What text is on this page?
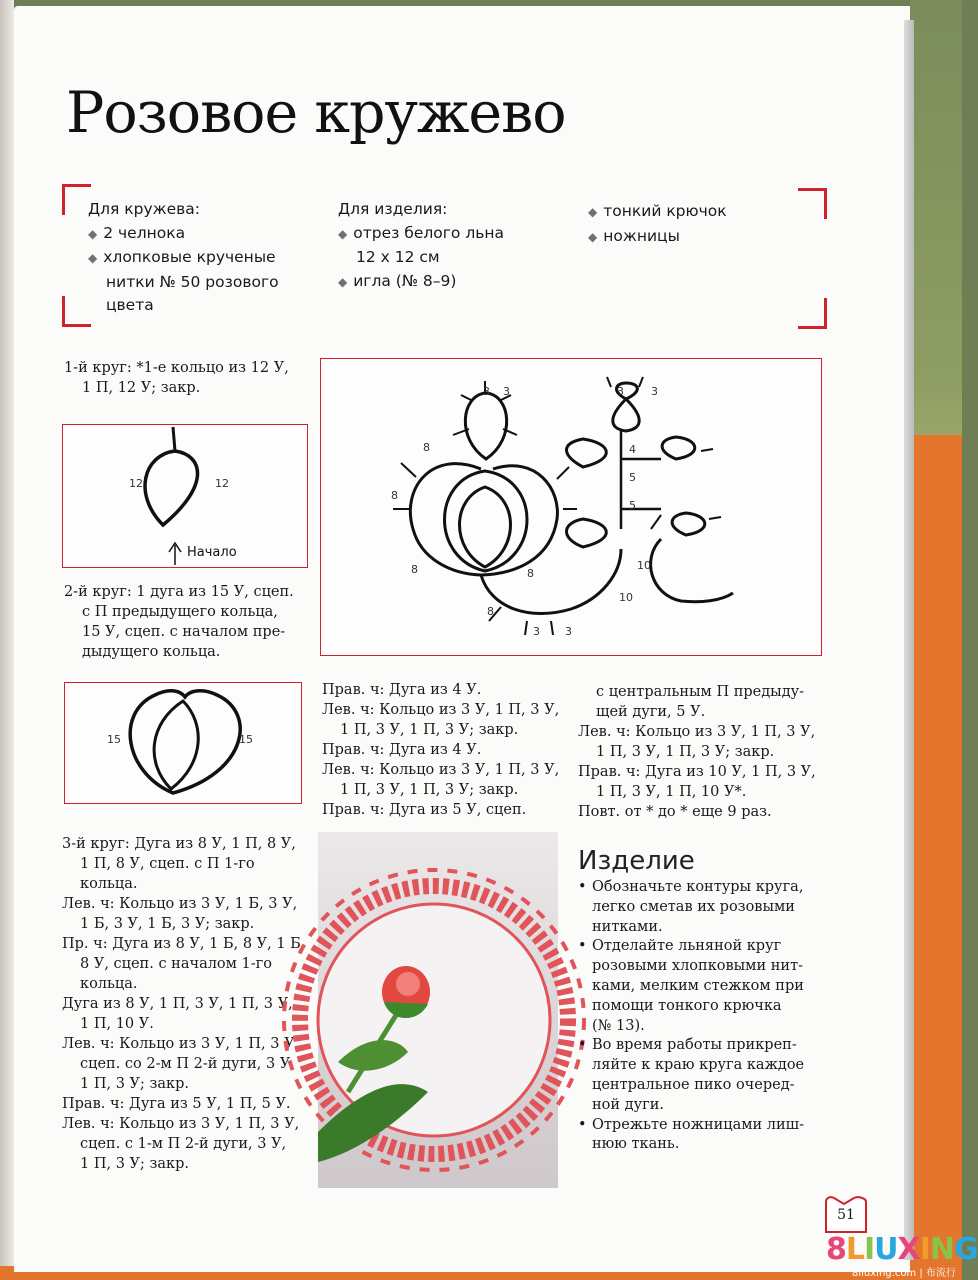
Розовое кружево
Для кружева:
◆ 2 челнока
◆ хлопковые крученые
нитки № 50 розового
цвета
Для изделия:
◆ отрез белого льна
12 х 12 см
◆ игла (№ 8–9)
◆ тонкий крючок
◆ ножницы
1-й круг: *1-е кольцо из 12 У,
1 П, 12 У; закр.
12	12
Начало
2-й круг: 1 дуга из 15 У, сцеп.
с П предыдущего кольца,
15 У, сцеп. с началом пре-
дыдущего кольца.
15	15
3-й круг: Дуга из 8 У, 1 П, 8 У,
1 П, 8 У, сцеп. с П 1-го
кольца.
Лев. ч: Кольцо из 3 У, 1 Б, 3 У,
1 Б, 3 У, 1 Б, 3 У; закр.
Пр. ч: Дуга из 8 У, 1 Б, 8 У, 1 Б,
8 У, сцеп. с началом 1-го
кольца.
Дуга из 8 У, 1 П, 3 У, 1 П, 3 У,
1 П, 10 У.
Лев. ч: Кольцо из 3 У, 1 П, 3 У,
сцеп. со 2-м П 2-й дуги, 3 У,
1 П, 3 У; закр.
Прав. ч: Дуга из 5 У, 1 П, 5 У.
Лев. ч: Кольцо из 3 У, 1 П, 3 У,
сцеп. с 1-м П 2-й дуги, 3 У,
1 П, 3 У; закр.
3 3
8
8
8
8
8
3 3
4
5
5
10
10
3 3
Прав. ч: Дуга из 4 У.
Лев. ч: Кольцо из 3 У, 1 П, 3 У,
1 П, 3 У, 1 П, 3 У; закр.
Прав. ч: Дуга из 4 У.
Лев. ч: Кольцо из 3 У, 1 П, 3 У,
1 П, 3 У, 1 П, 3 У; закр.
Прав. ч: Дуга из 5 У, сцеп.
с центральным П предыду-
щей дуги, 5 У.
Лев. ч: Кольцо из 3 У, 1 П, 3 У,
1 П, 3 У, 1 П, 3 У; закр.
Прав. ч: Дуга из 10 У, 1 П, 3 У,
1 П, 3 У, 1 П, 10 У*.
Повт. от * до * еще 9 раз.
Изделие
• Обозначьте контуры круга,
легко сметав их розовыми
нитками.
• Отделайте льняной круг
розовыми хлопковыми нит-
ками, мелким стежком при
помощи тонкого крючка
(№ 13).
• Во время работы прикреп-
ляйте к краю круга каждое
центральное пико очеред-
ной дуги.
• Отрежьте ножницами лиш-
нюю ткань.
51
8LIUXING
8liuxing.com | 布流行
